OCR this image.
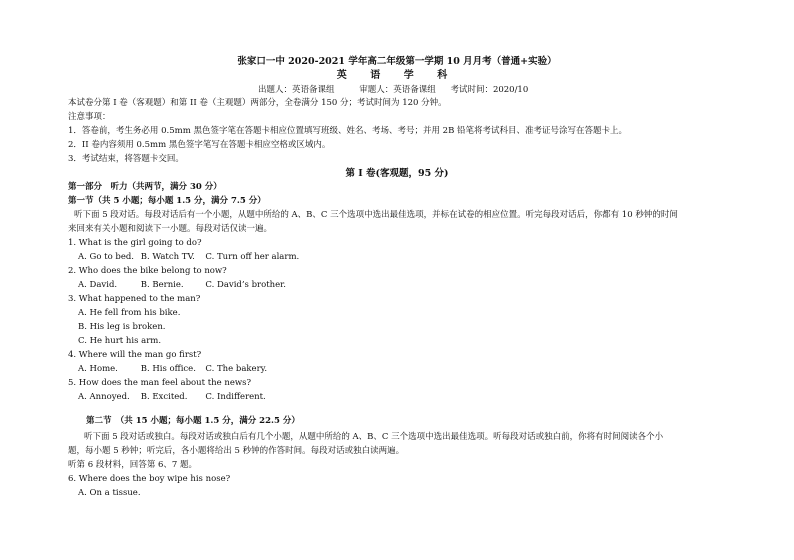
张家口一中 2020-2021 学年高二年级第一学期 10 月月考（普通+实验）
英 语 学 科
出题人：英语备课组	审题人：英语备课组 考试时间：2020/10
本试卷分第 I 卷（客观题）和第 II 卷（主观题）两部分，全卷满分 150 分；考试时间为 120 分钟。
注意事项：
1．答卷前，考生务必用 0.5mm 黑色签字笔在答题卡相应位置填写班级、姓名、考场、考号；并用 2B 铅笔将考试科目、准考证号涂写在答题卡上。
2．II 卷内容须用 0.5mm 黑色签字笔写在答题卡相应空格或区域内。
3．考试结束，将答题卡交回。
第 I 卷(客观题，95 分)
第一部分　听力（共两节，满分 30 分）
第一节（共 5 小题；每小题 1.5 分，满分 7.5 分）
听下面 5 段对话。每段对话后有一个小题，从题中所给的 A、B、C 三个选项中选出最佳选项，并标在试卷的相应位置。听完每段对话后，你都有 10 秒钟的时间
来回来有关小题和阅读下一小题。每段对话仅读一遍。
1. What is the girl going to do?
A. Go to bed. B. Watch TV. C. Turn off her alarm.
2. Who does the bike belong to now?
A. David.	B. Bernie.	C. David’s brother.
3. What happened to the man?
A. He fell from his bike.
B. His leg is broken.
C. He hurt his arm.
4. Where will the man go first?
A. Home.	B. His office. C. The bakery.
5. How does the man feel about the news?
A. Annoyed. B. Excited. C. Indifferent.
第二节　（共 15 小题；每小题 1.5 分，满分 22.5 分）
听下面 5 段对话或独白。每段对话或独白后有几个小题，从题中所给的 A、B、C 三个选项中选出最佳选项。听每段对话或独白前，你将有时间阅读各个小
题，每小题 5 秒钟；听完后，各小题将给出 5 秒钟的作答时间。每段对话或独白读两遍。
听第 6 段材料，回答第 6、7 题。
6. Where does the boy wipe his nose?
A. On a tissue.
